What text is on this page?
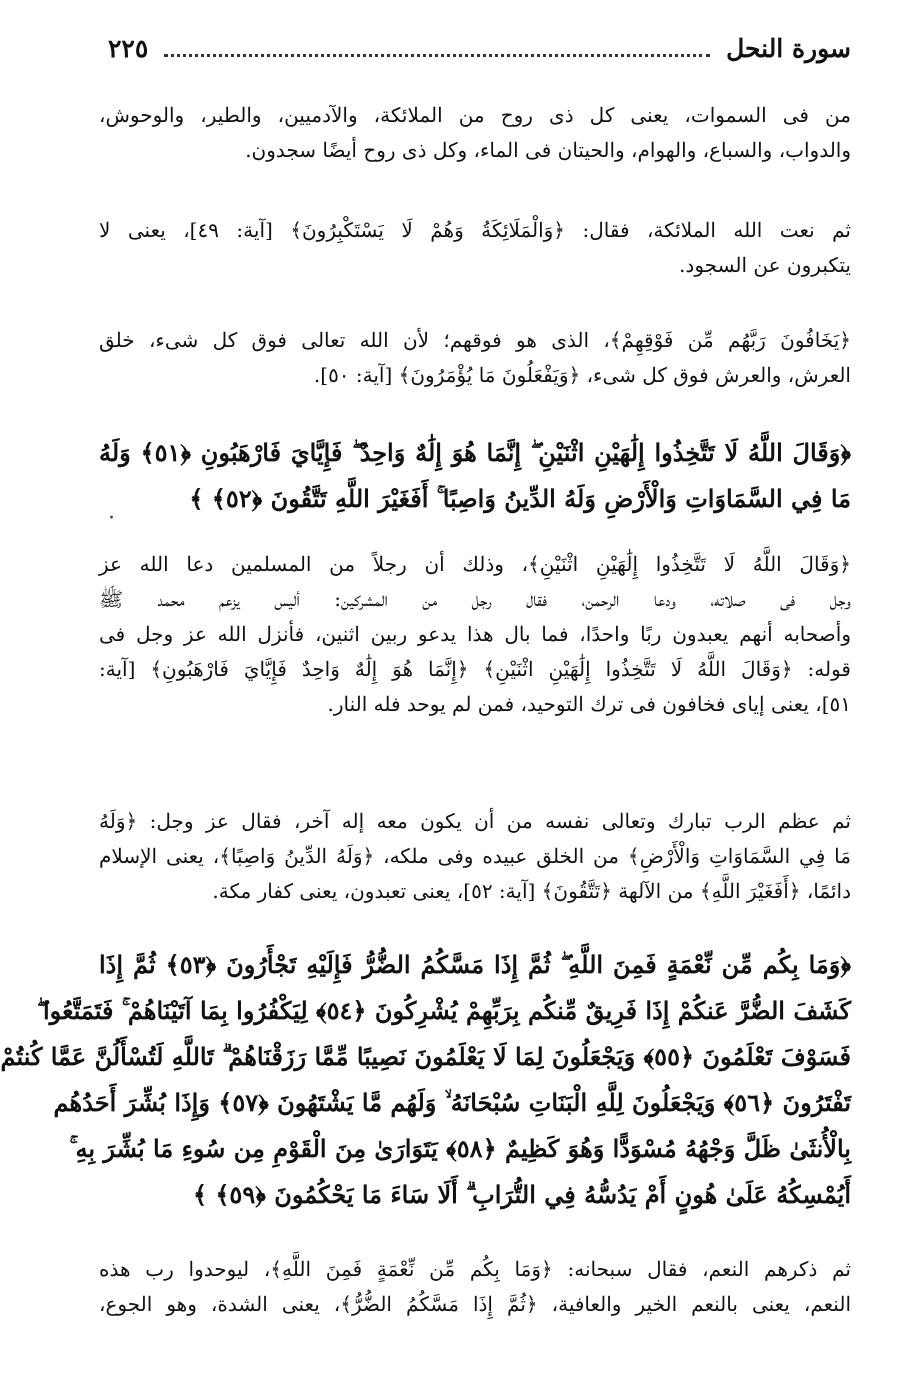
سورة النحل
٢٢٥
من فى السموات، يعنى كل ذى روح من الملائكة، والآدميين، والطير، والوحوش،
والدواب، والسباع، والهوام، والحيتان فى الماء، وكل ذى روح أيضًا سجدون.
ثم نعت الله الملائكة، فقال: ﴿وَالْمَلَائِكَةُ وَهُمْ لَا يَسْتَكْبِرُونَ﴾ [آية: ٤٩]، يعنى لا
يتكبرون عن السجود.
﴿يَخَافُونَ رَبَّهُم مِّن فَوْقِهِمْ﴾، الذى هو فوقهم؛ لأن الله تعالى فوق كل شىء، خلق
العرش، والعرش فوق كل شىء، ﴿وَيَفْعَلُونَ مَا يُؤْمَرُونَ﴾ [آية: ٥٠].
﴿وَقَالَ اللَّهُ لَا تَتَّخِذُوا إِلَٰهَيْنِ اثْنَيْنِ ۖ إِنَّمَا هُوَ إِلَٰهٌ وَاحِدٌ ۖ فَإِيَّايَ فَارْهَبُونِ ﴿٥١﴾ وَلَهُ
مَا فِي السَّمَاوَاتِ وَالْأَرْضِ وَلَهُ الدِّينُ وَاصِبًا ۚ أَفَغَيْرَ اللَّهِ تَتَّقُونَ ﴿٥٢﴾ ﴾
·
﴿وَقَالَ اللَّهُ لَا تَتَّخِذُوا إِلَٰهَيْنِ اثْنَيْنِ﴾، وذلك أن رجلاً من المسلمين دعا الله عز
وجل فى صلاته، ودعا الرحمن، فقال رجل من المشركين: أليس يزعم محمد ﷺ
وأصحابه أنهم يعبدون ربًا واحدًا، فما بال هذا يدعو ربين اثنين، فأنزل الله عز وجل فى
قوله: ﴿وَقَالَ اللَّهُ لَا تَتَّخِذُوا إِلَٰهَيْنِ اثْنَيْنِ﴾ ﴿إِنَّمَا هُوَ إِلَٰهٌ وَاحِدٌ فَإِيَّايَ فَارْهَبُونِ﴾ [آية:
٥١]، يعنى إياى فخافون فى ترك التوحيد، فمن لم يوحد فله النار.
ثم عظم الرب تبارك وتعالى نفسه من أن يكون معه إله آخر، فقال عز وجل: ﴿وَلَهُ
مَا فِي السَّمَاوَاتِ وَالْأَرْضِ﴾ من الخلق عبيده وفى ملكه، ﴿وَلَهُ الدِّينُ وَاصِبًا﴾، يعنى الإسلام
دائمًا، ﴿أَفَغَيْرَ اللَّهِ﴾ من الآلهة ﴿تَتَّقُونَ﴾ [آية: ٥٢]، يعنى تعبدون، يعنى كفار مكة.
﴿وَمَا بِكُم مِّن نِّعْمَةٍ فَمِنَ اللَّهِ ۖ ثُمَّ إِذَا مَسَّكُمُ الضُّرُّ فَإِلَيْهِ تَجْأَرُونَ ﴿٥٣﴾ ثُمَّ إِذَا
كَشَفَ الضُّرَّ عَنكُمْ إِذَا فَرِيقٌ مِّنكُم بِرَبِّهِمْ يُشْرِكُونَ ﴿٥٤﴾ لِيَكْفُرُوا بِمَا آتَيْنَاهُمْ ۚ فَتَمَتَّعُوا ۖ
فَسَوْفَ تَعْلَمُونَ ﴿٥٥﴾ وَيَجْعَلُونَ لِمَا لَا يَعْلَمُونَ نَصِيبًا مِّمَّا رَزَقْنَاهُمْ ۗ تَاللَّهِ لَتُسْأَلُنَّ عَمَّا كُنتُمْ
تَفْتَرُونَ ﴿٥٦﴾ وَيَجْعَلُونَ لِلَّهِ الْبَنَاتِ سُبْحَانَهُ ۙ وَلَهُم مَّا يَشْتَهُونَ ﴿٥٧﴾ وَإِذَا بُشِّرَ أَحَدُهُم
بِالْأُنثَىٰ ظَلَّ وَجْهُهُ مُسْوَدًّا وَهُوَ كَظِيمٌ ﴿٥٨﴾ يَتَوَارَىٰ مِنَ الْقَوْمِ مِن سُوءِ مَا بُشِّرَ بِهِ ۚ
أَيُمْسِكُهُ عَلَىٰ هُونٍ أَمْ يَدُسُّهُ فِي التُّرَابِ ۗ أَلَا سَاءَ مَا يَحْكُمُونَ ﴿٥٩﴾ ﴾
ثم ذكرهم النعم، فقال سبحانه: ﴿وَمَا بِكُم مِّن نِّعْمَةٍ فَمِنَ اللَّهِ﴾، ليوحدوا رب هذه
النعم، يعنى بالنعم الخير والعافية، ﴿ثُمَّ إِذَا مَسَّكُمُ الضُّرُّ﴾، يعنى الشدة، وهو الجوع،
